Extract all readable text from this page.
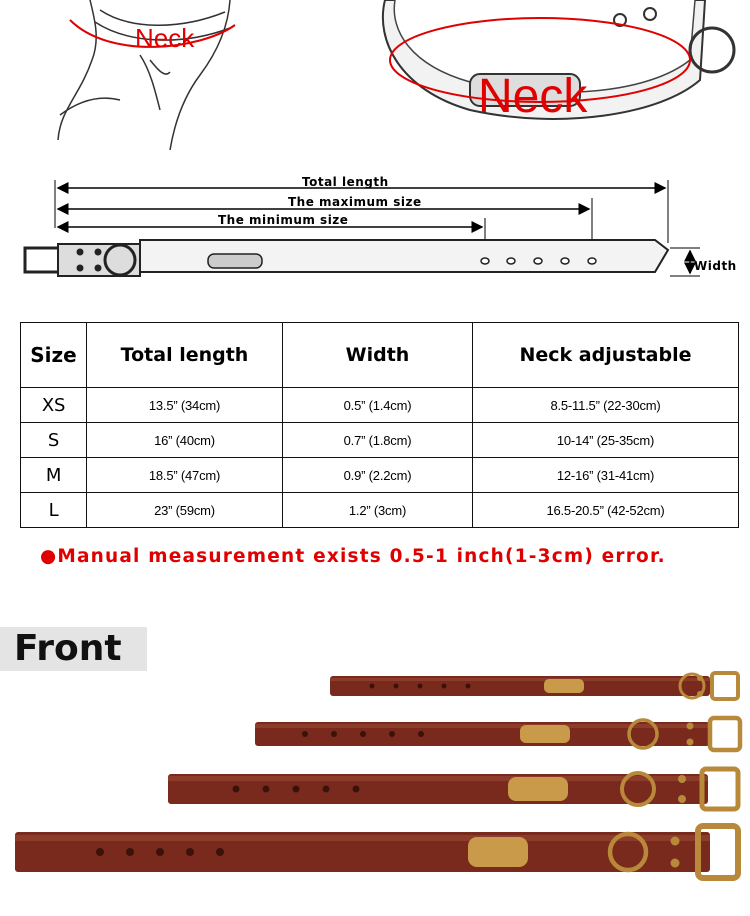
Neck
Neck
Total length
The maximum size
The minimum size
Width
Size	Total length	Width	Neck adjustable
XS	13.5” (34cm)	0.5” (1.4cm)	8.5-11.5” (22-30cm)
S	16” (40cm)	0.7” (1.8cm)	10-14” (25-35cm)
M	18.5” (47cm)	0.9” (2.2cm)	12-16” (31-41cm)
L	23” (59cm)	1.2” (3cm)	16.5-20.5” (42-52cm)
●Manual measurement exists 0.5-1 inch(1-3cm) error.
Front
